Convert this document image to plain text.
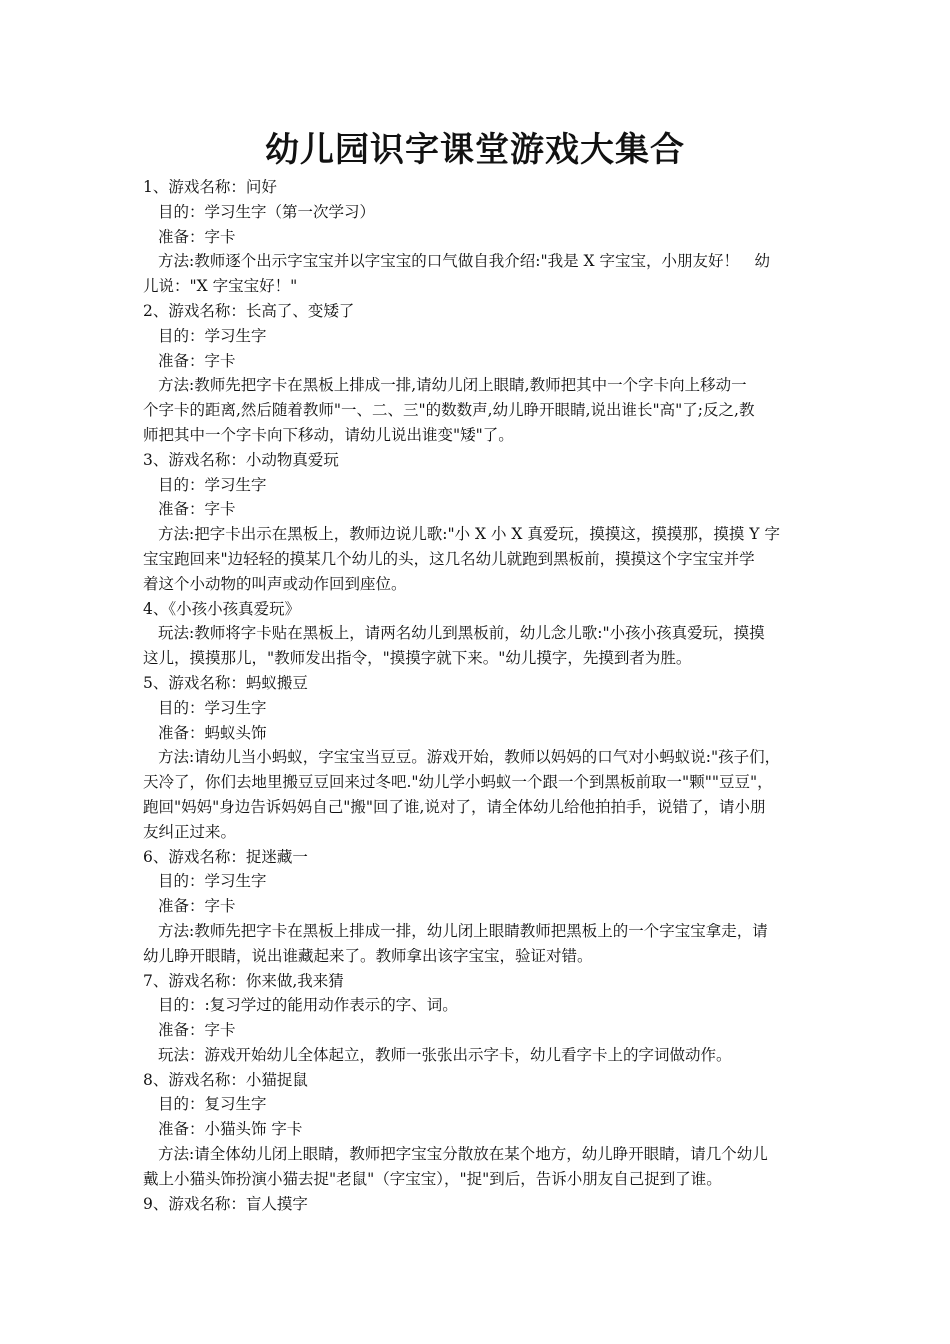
幼儿园识字课堂游戏大集合
1、游戏名称：问好
目的：学习生字（第一次学习）
准备：字卡
方法:教师逐个出示字宝宝并以字宝宝的口气做自我介绍:"我是 X 字宝宝，小朋友好！　幼
儿说："X 字宝宝好！"
2、游戏名称：长高了、变矮了
目的：学习生字
准备：字卡
方法:教师先把字卡在黑板上排成一排,请幼儿闭上眼睛,教师把其中一个字卡向上移动一
个字卡的距离,然后随着教师"一、二、三"的数数声,幼儿睁开眼睛,说出谁长"高"了;反之,教
师把其中一个字卡向下移动，请幼儿说出谁变"矮"了。
3、游戏名称：小动物真爱玩
目的：学习生字
准备：字卡
方法:把字卡出示在黑板上，教师边说儿歌:"小 X 小 X 真爱玩，摸摸这，摸摸那，摸摸 Y 字
宝宝跑回来"边轻轻的摸某几个幼儿的头，这几名幼儿就跑到黑板前，摸摸这个字宝宝并学
着这个小动物的叫声或动作回到座位。
4、《小孩小孩真爱玩》
玩法:教师将字卡贴在黑板上，请两名幼儿到黑板前，幼儿念儿歌:"小孩小孩真爱玩，摸摸
这儿，摸摸那儿，"教师发出指令，"摸摸字就下来。"幼儿摸字，先摸到者为胜。
5、游戏名称：蚂蚁搬豆
目的：学习生字
准备：蚂蚁头饰
方法:请幼儿当小蚂蚁，字宝宝当豆豆。游戏开始，教师以妈妈的口气对小蚂蚁说:"孩子们，
天冷了，你们去地里搬豆豆回来过冬吧."幼儿学小蚂蚁一个跟一个到黑板前取一"颗""豆豆"，
跑回"妈妈"身边告诉妈妈自己"搬"回了谁,说对了，请全体幼儿给他拍拍手，说错了，请小朋
友纠正过来。
6、游戏名称：捉迷藏一
目的：学习生字
准备：字卡
方法:教师先把字卡在黑板上排成一排，幼儿闭上眼睛教师把黑板上的一个字宝宝拿走，请
幼儿睁开眼睛，说出谁藏起来了。教师拿出该字宝宝，验证对错。
7、游戏名称：你来做,我来猜
目的：:复习学过的能用动作表示的字、词。
准备：字卡
玩法：游戏开始幼儿全体起立，教师一张张出示字卡，幼儿看字卡上的字词做动作。
8、游戏名称：小猫捉鼠
目的：复习生字
准备：小猫头饰 字卡
方法:请全体幼儿闭上眼睛，教师把字宝宝分散放在某个地方，幼儿睁开眼睛，请几个幼儿
戴上小猫头饰扮演小猫去捉"老鼠"（字宝宝），"捉"到后，告诉小朋友自己捉到了谁。
9、游戏名称：盲人摸字
